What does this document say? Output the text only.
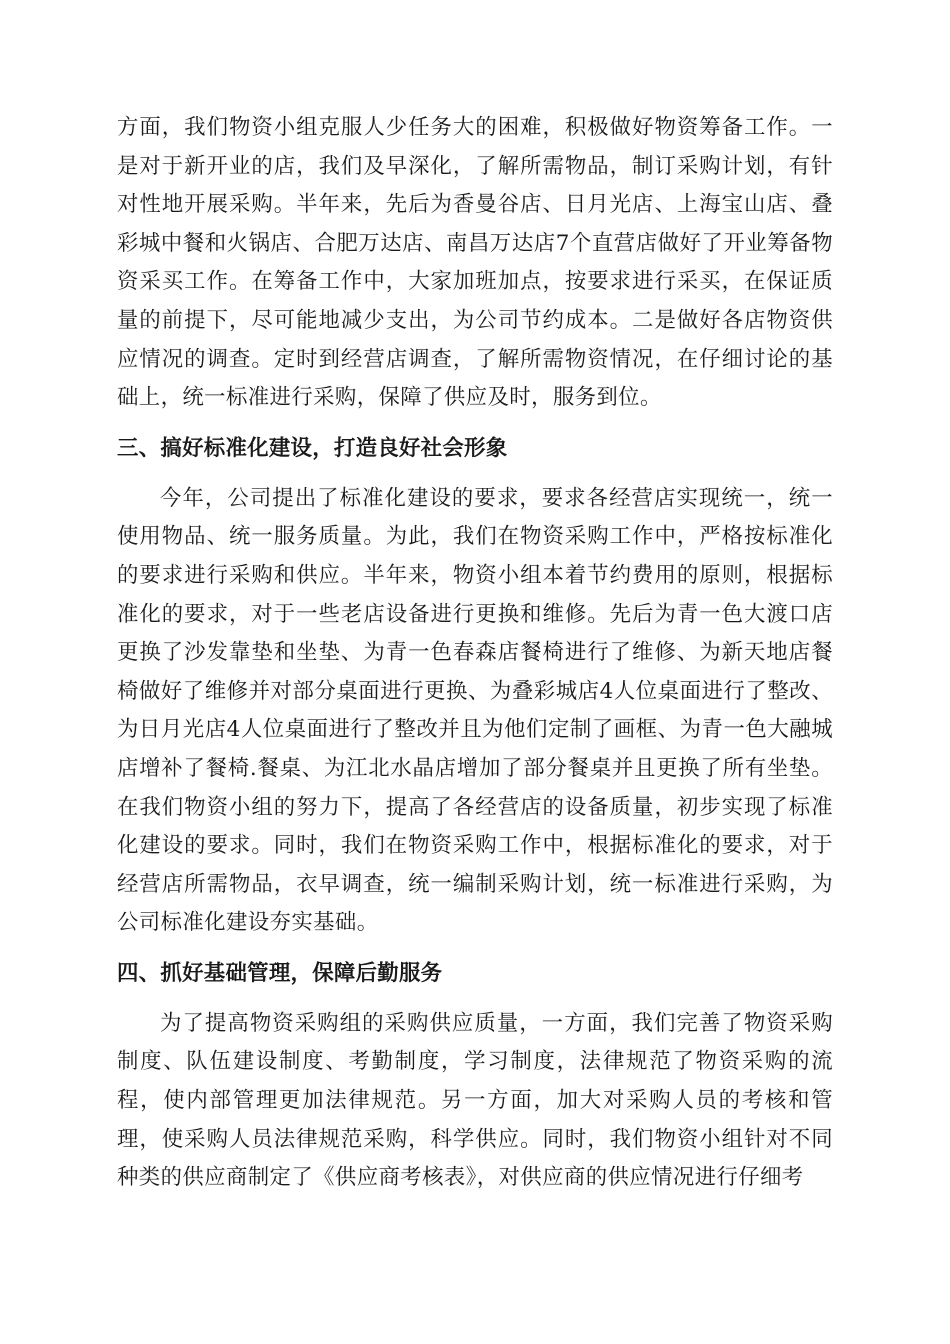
方面，我们物资小组克服人少任务大的困难，积极做好物资筹备工作。一是对于新开业的店，我们及早深化，了解所需物品，制订采购计划，有针对性地开展采购。半年来，先后为香曼谷店、日月光店、上海宝山店、叠彩城中餐和火锅店、合肥万达店、南昌万达店7个直营店做好了开业筹备物资采买工作。在筹备工作中，大家加班加点，按要求进行采买，在保证质量的前提下，尽可能地减少支出，为公司节约成本。二是做好各店物资供应情况的调查。定时到经营店调查，了解所需物资情况，在仔细讨论的基础上，统一标准进行采购，保障了供应及时，服务到位。

三、搞好标准化建设，打造良好社会形象

今年，公司提出了标准化建设的要求，要求各经营店实现统一，统一使用物品、统一服务质量。为此，我们在物资采购工作中，严格按标准化的要求进行采购和供应。半年来，物资小组本着节约费用的原则，根据标准化的要求，对于一些老店设备进行更换和维修。先后为青一色大渡口店更换了沙发靠垫和坐垫、为青一色春森店餐椅进行了维修、为新天地店餐椅做好了维修并对部分桌面进行更换、为叠彩城店4人位桌面进行了整改、为日月光店4人位桌面进行了整改并且为他们定制了画框、为青一色大融城店增补了餐椅.餐桌、为江北水晶店增加了部分餐桌并且更换了所有坐垫。在我们物资小组的努力下，提高了各经营店的设备质量，初步实现了标准化建设的要求。同时，我们在物资采购工作中，根据标准化的要求，对于经营店所需物品，衣早调查，统一编制采购计划，统一标准进行采购，为公司标准化建设夯实基础。

四、抓好基础管理，保障后勤服务

为了提高物资采购组的采购供应质量，一方面，我们完善了物资采购制度、队伍建设制度、考勤制度，学习制度，法律规范了物资采购的流程，使内部管理更加法律规范。另一方面，加大对采购人员的考核和管理，使采购人员法律规范采购，科学供应。同时，我们物资小组针对不同种类的供应商制定了《供应商考核表》，对供应商的供应情况进行仔细考
